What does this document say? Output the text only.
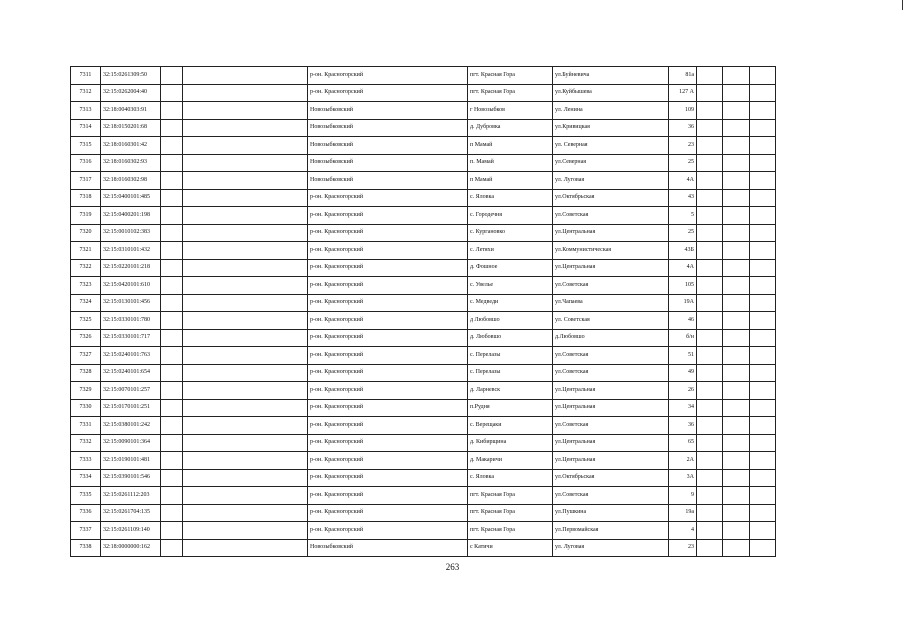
7311	32:15:0261309:50			р-он. Красногорский	пгт. Красная Гора	ул.Буйневича	81а			
7312	32:15:0262004:40			р-он. Красногорский	пгт. Красная Гора	ул.Куйбышева	127 А			
7313	32:18:0040303:91			Новозыбковский	г Новозыбков	ул. Ленина	109			
7314	32:18:0150201:68			Новозыбковский	д. Дубровка	ул.Кривицкая	36			
7315	32:18:0160301:42			Новозыбковский	п Мамай	ул. Северная	23			
7316	32:18:0160302:93			Новозыбковский	п. Мамай	ул.Северная	25			
7317	32:18:0160302:98			Новозыбковский	п Мамай	ул. Луговая	4А			
7318	32:15:0400101:485			р-он. Красногорский	с. Яловка	ул.Октябрьская	43			
7319	32:15:0400201:198			р-он. Красногорский	с. Городечня	ул.Советская	5			
7320	32:15:0010102:383			р-он. Красногорский	с. Кургановко	ул.Центральная	25			
7321	32:15:0310101:432			р-он. Красногорский	с. Летяхи	ул.Коммунистическая	43Б			
7322	32:15:0220101:218			р-он. Красногорский	д. Фошное	ул.Центральная	4А			
7323	32:15:0420101:610			р-он. Красногорский	с. Увелье	ул.Советская	105			
7324	32:15:0130101:456			р-он. Красногорский	с. Медведи	ул.Чапаева	19А			
7325	32:15:0330101:780			р-он. Красногорский	д Любовшо	ул. Советская	46			
7326	32:15:0330101:717			р-он. Красногорский	д. Любовшо	д.Любовшо	б/н			
7327	32:15:0240101:763			р-он. Красногорский	с. Перелазы	ул.Советская	51			
7328	32:15:0240101:654			р-он. Красногорский	с. Перелазы	ул.Советская	49			
7329	32:15:0070101:257			р-он. Красногорский	д. Ларневск	ул.Центральная	26			
7330	32:15:0170101:251			р-он. Красногорский	п.Рудня	ул.Центральная	34			
7331	32:15:0380101:242			р-он. Красногорский	с. Верещаки	ул.Советская	36			
7332	32:15:0090101:364			р-он. Красногорский	д. Кибирщина	ул.Центральная	65			
7333	32:15:0190101:481			р-он. Красногорский	д. Макаричи	ул.Центральная	2А			
7334	32:15:0390101:546			р-он. Красногорский	с. Яловка	ул.Октябрьская	3А			
7335	32:15:0261112:203			р-он. Красногорский	пгт. Красная Гора	ул.Советская	9			
7336	32:15:0261704:135			р-он. Красногорский	пгт. Красная Гора	ул.Пушкина	19а			
7337	32:15:0261109:140			р-он. Красногорский	пгт. Красная Гора	ул.Первомайская	4			
7338	32:18:0000000:162			Новозыбковский	с Катичи	ул. Луговая	23			
263
